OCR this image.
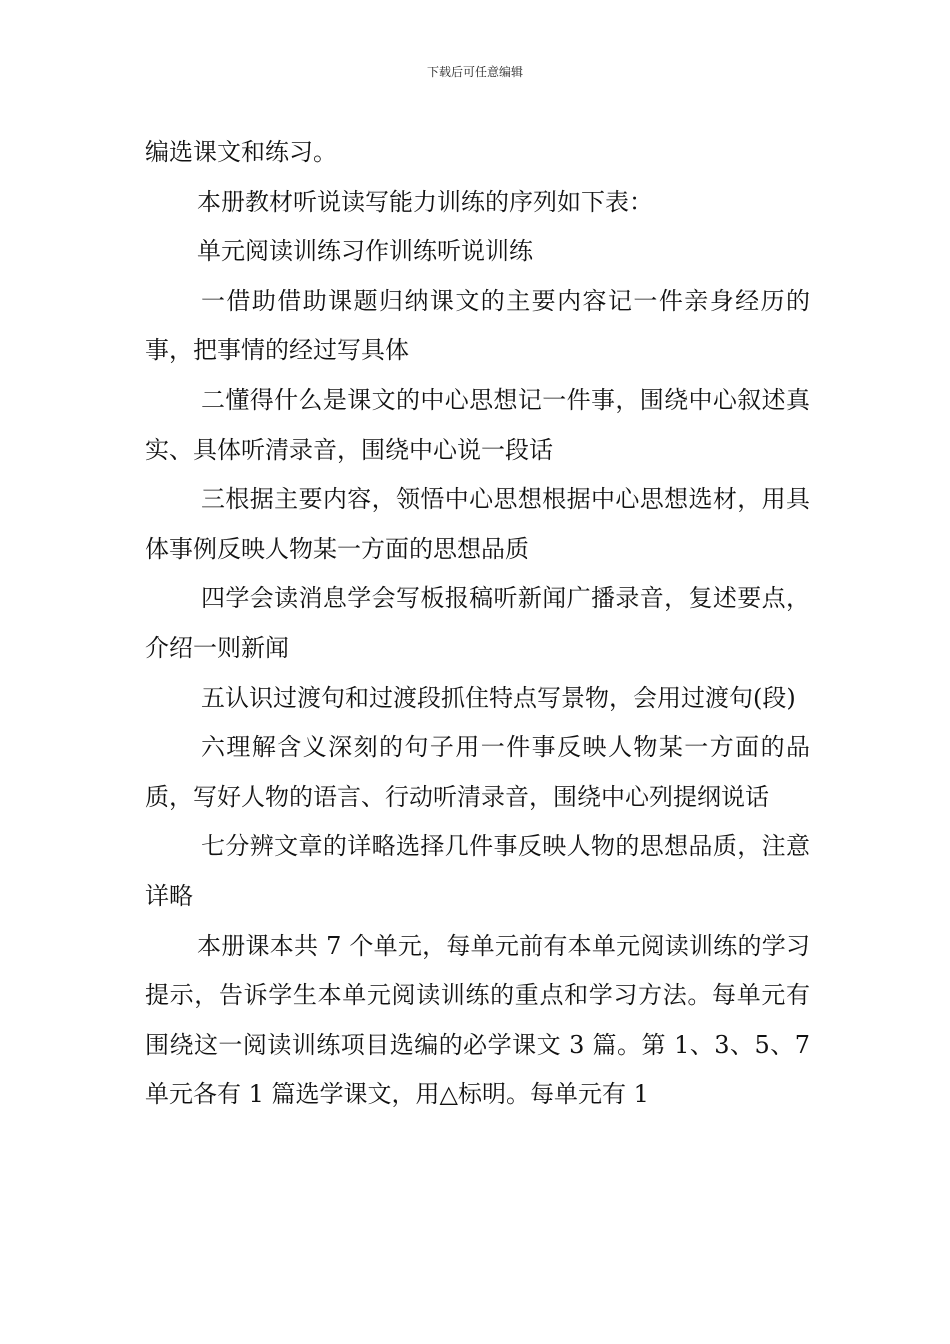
下载后可任意编辑

编选课文和练习。

本册教材听说读写能力训练的序列如下表：

单元阅读训练习作训练听说训练

一借助借助课题归纳课文的主要内容记一件亲身经历的事，把事情的经过写具体

二懂得什么是课文的中心思想记一件事，围绕中心叙述真实、具体听清录音，围绕中心说一段话

三根据主要内容，领悟中心思想根据中心思想选材，用具体事例反映人物某一方面的思想品质

四学会读消息学会写板报稿听新闻广播录音，复述要点，介绍一则新闻

五认识过渡句和过渡段抓住特点写景物，会用过渡句(段)

六理解含义深刻的句子用一件事反映人物某一方面的品质，写好人物的语言、行动听清录音，围绕中心列提纲说话

七分辨文章的详略选择几件事反映人物的思想品质，注意详略

本册课本共 7 个单元，每单元前有本单元阅读训练的学习提示，告诉学生本单元阅读训练的重点和学习方法。每单元有围绕这一阅读训练项目选编的必学课文 3 篇。第 1、3、5、7 单元各有 1 篇选学课文，用△标明。每单元有 1
